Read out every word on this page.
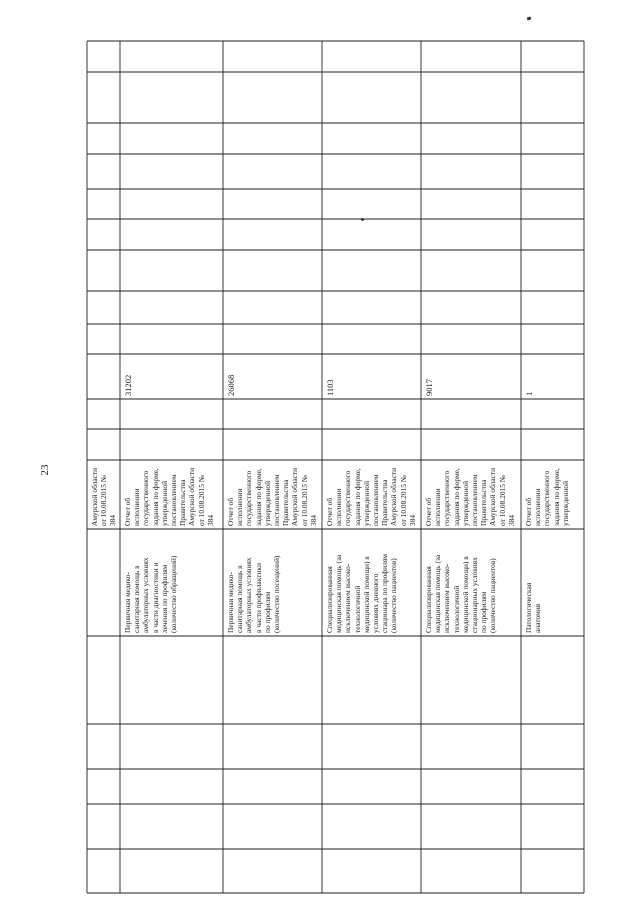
23
Амурской области
от 10.08.2015 № 384
Первичная медико-
санитарная помощь в
амбулаторных условиях
в части диагностики и
лечения по профилям
(количество обращений)
Отчет об
исполнении
государственного
задания по форме,
утвержденной
постановлением
Правительства
Амурской области
от 10.08.2015 № 384
31202
Первичная медико-
санитарная помощь в
амбулаторных условиях
в части профилактики
по профилям
(количество посещений)
Отчет об
исполнении
государственного
задания по форме,
утвержденной
постановлением
Правительства
Амурской области
от 10.08.2015 № 384
26068
Специализированная
медицинская помощь (за
исключением высоко-
технологичной
медицинской помощи) в
условиях дневного
стационара по профилям
(количество пациентов)
Отчет об
исполнении
государственного
задания по форме,
утвержденной
постановлением
Правительства
Амурской области
от 10.08.2015 № 384
1103
Специализированная
медицинская помощь (за
исключением высоко-
технологичной
медицинской помощи) в
стационарных условиях
по профилям
(количество пациентов)
Отчет об
исполнении
государственного
задания по форме,
утвержденной
постановлением
Правительства
Амурской области
от 10.08.2015 № 384
9017
Патологическая
анатомия
Отчет об
исполнении
государственного
задания по форме,
утвержденной
1
